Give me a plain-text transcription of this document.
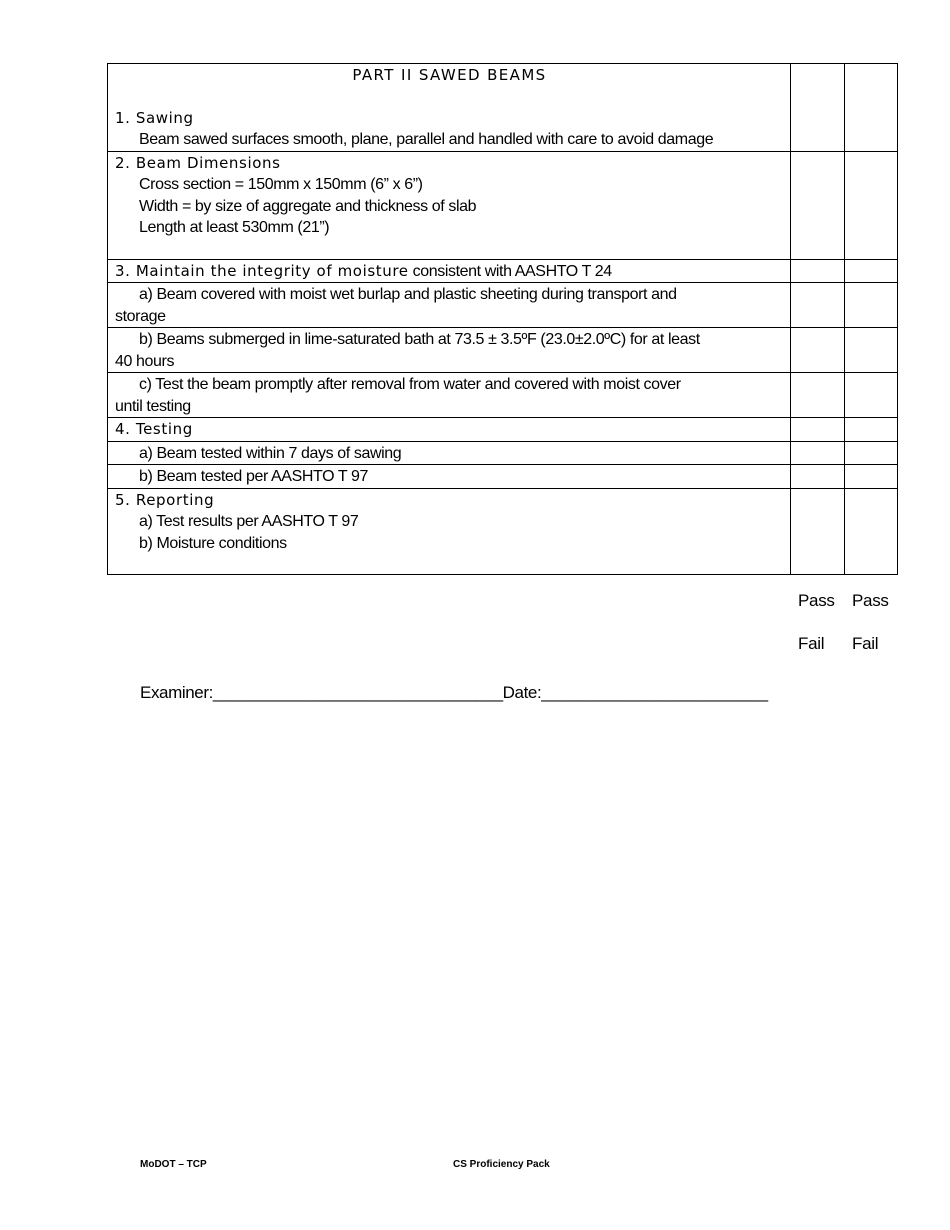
PART II SAWED BEAMS
1. Sawing
Beam sawed surfaces smooth, plane, parallel and handled with care to avoid damage		

2. Beam Dimensions
Cross section = 150mm x 150mm (6” x 6”)
Width = by size of aggregate and thickness of slab
Length at least 530mm (21”)		

3. Maintain the integrity of moisture consistent with AASHTO T 24		

a) Beam covered with moist wet burlap and plastic sheeting during transport and
storage		

b) Beams submerged in lime-saturated bath at 73.5 ± 3.5ºF (23.0±2.0ºC) for at least
40 hours		

c) Test the beam promptly after removal from water and covered with moist cover
until testing		

4. Testing		

a) Beam tested within 7 days of sawing		

b) Beam tested per AASHTO T 97		

5. Reporting
a) Test results per AASHTO T 97
b) Moisture conditions		

Pass Pass
Fail Fail
Examiner:________________________________Date:_________________________
MoDOT – TCP	CS Proficiency Pack
